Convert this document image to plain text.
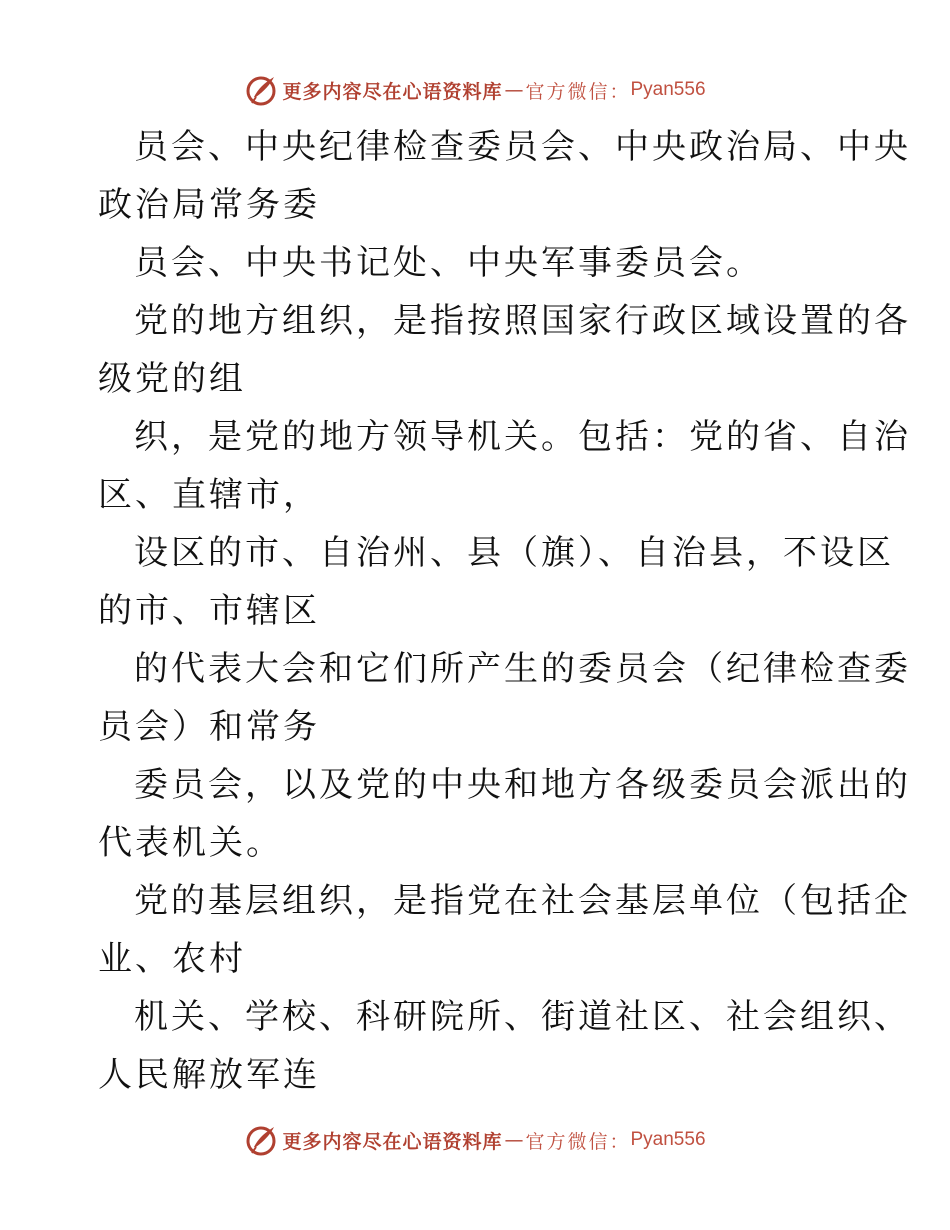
更多内容尽在心语资料库 — 官方微信： Pyan556

员会、中央纪律检查委员会、中央政治局、中央
政治局常务委

员会、中央书记处、中央军事委员会。

党的地方组织，是指按照国家行政区域设置的各
级党的组

织，是党的地方领导机关。包括：党的省、自治
区、直辖市，

设区的市、自治州、县（旗）、自治县，不设区
的市、市辖区

的代表大会和它们所产生的委员会（纪律检查委
员会）和常务

委员会，以及党的中央和地方各级委员会派出的
代表机关。

党的基层组织，是指党在社会基层单位（包括企
业、农村

机关、学校、科研院所、街道社区、社会组织、
人民解放军连

更多内容尽在心语资料库 — 官方微信： Pyan556
